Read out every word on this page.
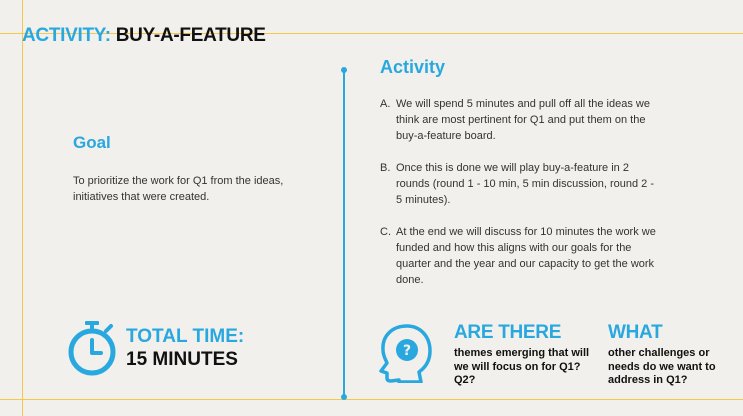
ACTIVITY: BUY-A-FEATURE
Goal

To prioritize the work for Q1 from the ideas, initiatives that were created.

Activity
A. We will spend 5 minutes and pull off all the ideas we think are most pertinent for Q1 and put them on the buy-a-feature board.
B. Once this is done we will play buy-a-feature in 2 rounds (round 1 - 10 min, 5 min discussion, round 2 - 5 minutes).
C. At the end we will discuss for 10 minutes the work we funded and how this aligns with our goals for the quarter and the year and our capacity to get the work done.

TOTAL TIME:

15 MINUTES	?

ARE THERE

themes emerging that will we will focus on for Q1? Q2?

WHAT

other challenges or needs do we want to address in Q1?
